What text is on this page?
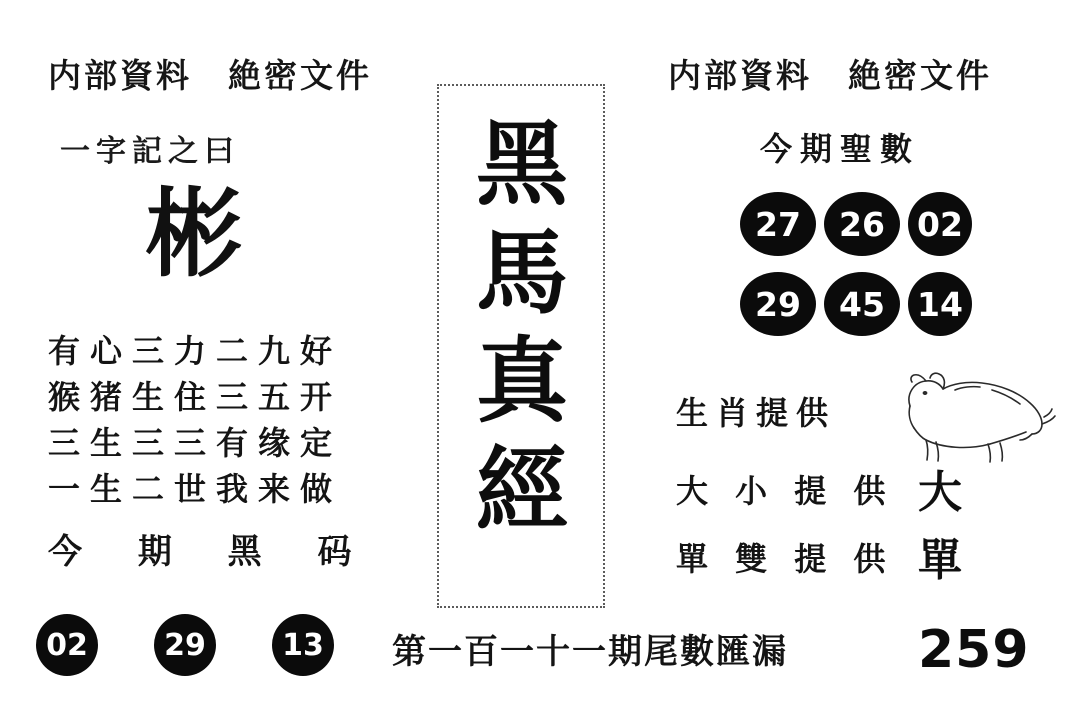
内部資料　絶密文件	内部資料　絶密文件
一字記之曰
彬
有心三力二九好
猴猪生住三五开
三生三三有缘定
一生二世我来做
今 期 黑 码
02	29	13
黑馬真經
今期聖數
27	26 02
29	45 14
生肖提供
大 小 提 供
單 雙 提 供
大
單
第一百一十一期尾數匯漏	259
